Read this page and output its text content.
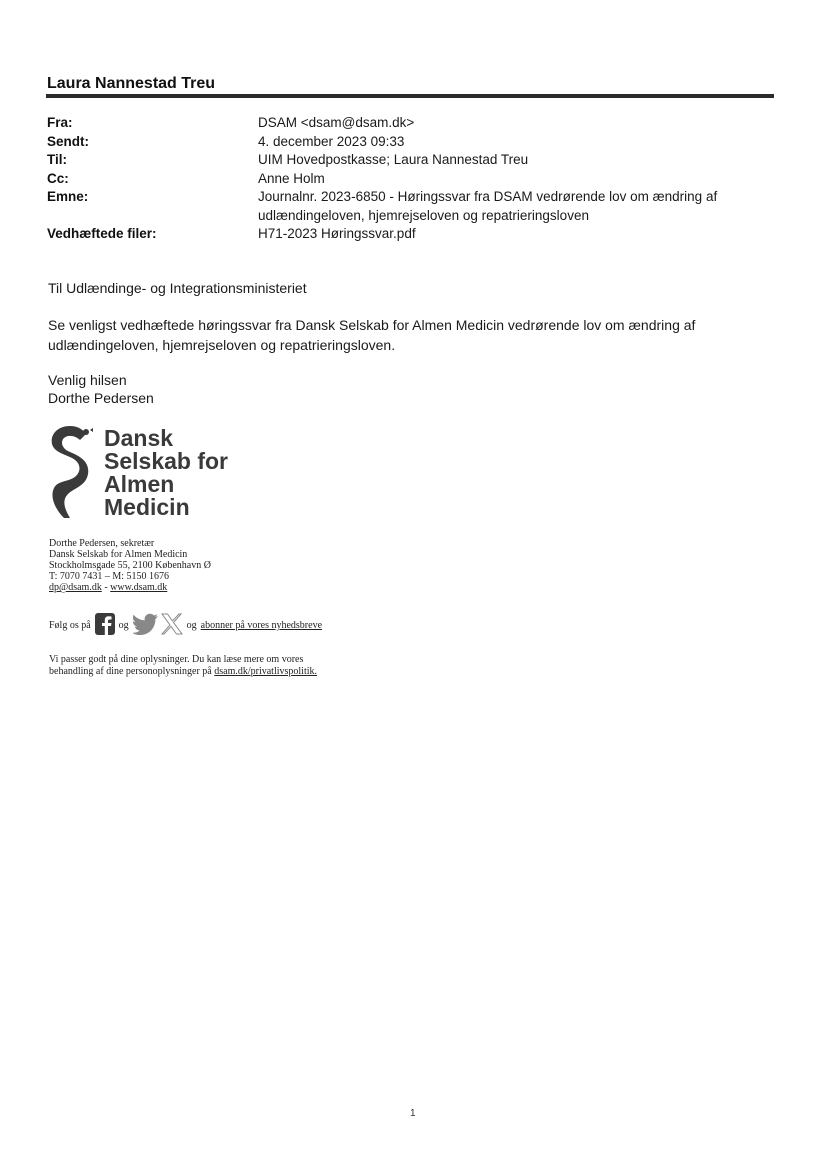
Laura Nannestad Treu
Fra:	DSAM <dsam@dsam.dk>
Sendt:	4. december 2023 09:33
Til:	UIM Hovedpostkasse; Laura Nannestad Treu
Cc:	Anne Holm
Emne:	Journalnr. 2023-6850 - Høringssvar fra DSAM vedrørende lov om ændring af udlændingeloven, hjemrejseloven og repatrieringsloven
Vedhæftede filer:	H71-2023 Høringssvar.pdf
Til Udlændinge- og Integrationsministeriet
Se venligst vedhæftede høringssvar fra Dansk Selskab for Almen Medicin vedrørende lov om ændring af
udlændingeloven, hjemrejseloven og repatrieringsloven.
Venlig hilsen
Dorthe Pedersen
Dansk
Selskab for
Almen
Medicin
Dorthe Pedersen, sekretær
Dansk Selskab for Almen Medicin
Stockholmsgade 55, 2100 København Ø
T: 7070 7431 – M: 5150 1676
dp@dsam.dk - www.dsam.dk
Følg os på	og	og abonner på vores nyhedsbreve
Vi passer godt på dine oplysninger. Du kan læse mere om vores
behandling af dine personoplysninger på dsam.dk/privatlivspolitik.
1
